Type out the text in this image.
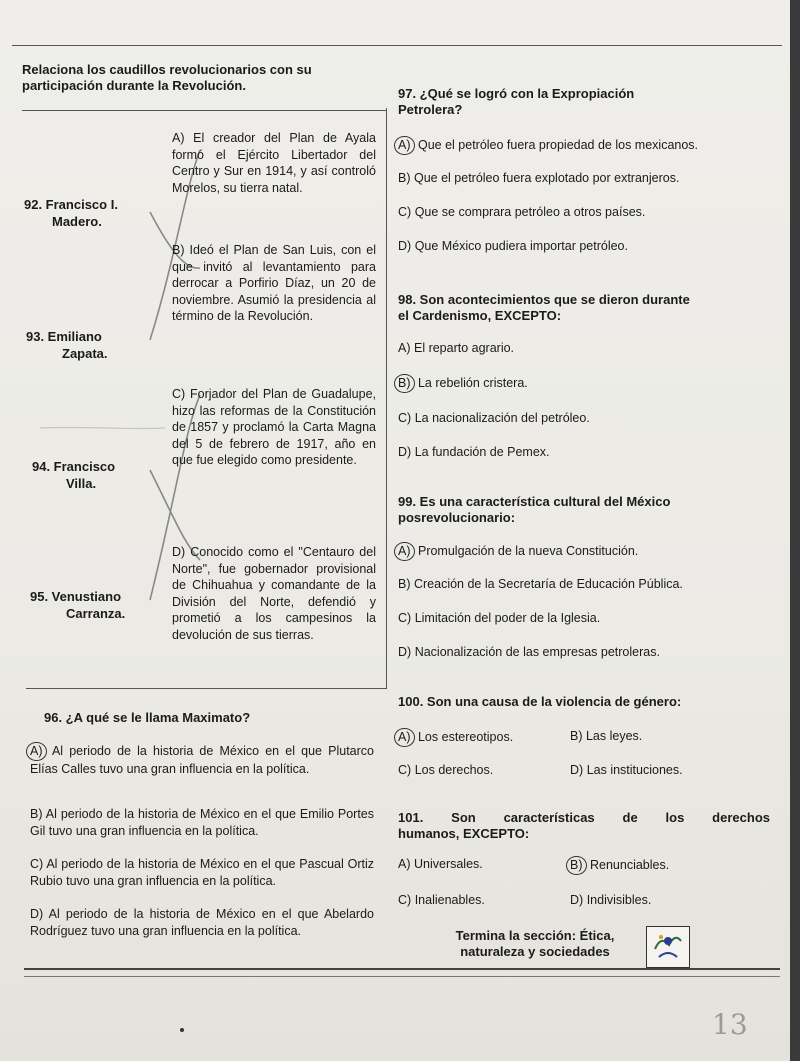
Relaciona los caudillos revolucionarios con su
participación durante la Revolución.
92. Francisco I.
Madero.
93. Emiliano
Zapata.
94. Francisco
Villa.
95. Venustiano
Carranza.
A) El creador del Plan de Ayala formó el Ejército Libertador del Centro y Sur en 1914, y así controló Morelos, su tierra natal.
B) Ideó el Plan de San Luis, con el que invitó al levantamiento para derrocar a Porfirio Díaz, un 20 de noviembre. Asumió la presidencia al término de la Revolución.
C) Forjador del Plan de Guadalupe, hizo las reformas de la Constitución de 1857 y proclamó la Carta Magna del 5 de febrero de 1917, año en que fue elegido como presidente.
D) Conocido como el "Centauro del Norte", fue gobernador provisional de Chihuahua y comandante de la División del Norte, defendió y prometió a los campesinos la devolución de sus tierras.
96. ¿A qué se le llama Maximato?
A) Al periodo de la historia de México en el que Plutarco Elías Calles tuvo una gran influencia en la política.
B) Al periodo de la historia de México en el que Emilio Portes Gil tuvo una gran influencia en la política.
C) Al periodo de la historia de México en el que Pascual Ortiz Rubio tuvo una gran influencia en la política.
D) Al periodo de la historia de México en el que Abelardo Rodríguez tuvo una gran influencia en la política.
97. ¿Qué se logró con la Expropiación
Petrolera?
A) Que el petróleo fuera propiedad de los mexicanos.
B) Que el petróleo fuera explotado por extranjeros.
C) Que se comprara petróleo a otros países.
D) Que México pudiera importar petróleo.
98. Son acontecimientos que se dieron durante
el Cardenismo, EXCEPTO:
A) El reparto agrario.
B) La rebelión cristera.
C) La nacionalización del petróleo.
D) La fundación de Pemex.
99. Es una característica cultural del México
posrevolucionario:
A) Promulgación de la nueva Constitución.
B) Creación de la Secretaría de Educación Pública.
C) Limitación del poder de la Iglesia.
D) Nacionalización de las empresas petroleras.
100. Son una causa de la violencia de género:
A) Los estereotipos.	B) Las leyes.
C) Los derechos.	D) Las instituciones.
101. Son características de los derechos
humanos, EXCEPTO:
A) Universales.	B) Renunciables.
C) Inalienables.	D) Indivisibles.
Termina la sección: Ética,
naturaleza y sociedades
13
